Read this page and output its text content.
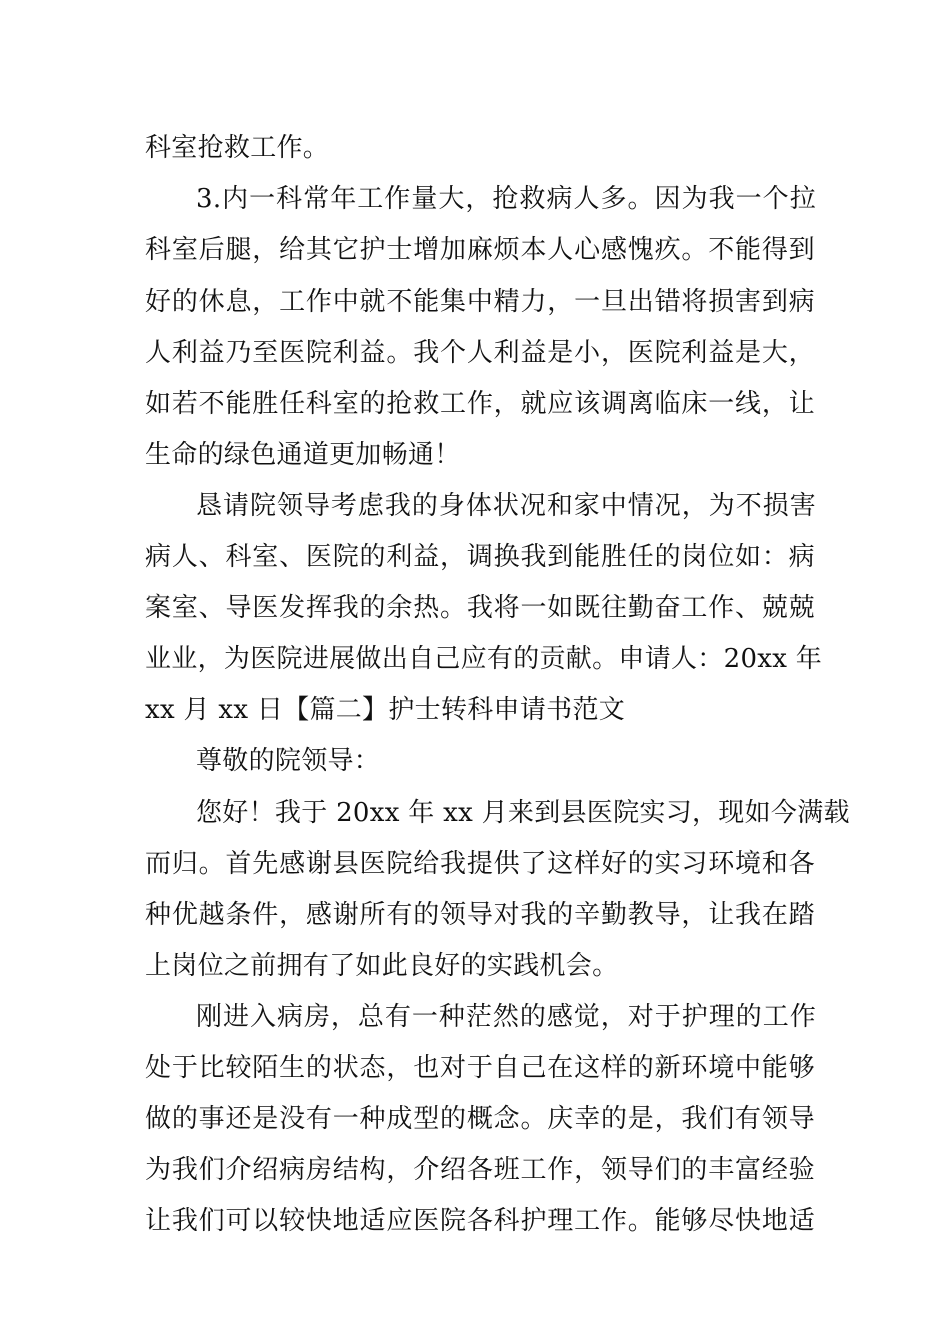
科室抢救工作。
3.内一科常年工作量大，抢救病人多。因为我一个拉
科室后腿，给其它护士增加麻烦本人心感愧疚。不能得到
好的休息，工作中就不能集中精力，一旦出错将损害到病
人利益乃至医院利益。我个人利益是小，医院利益是大，
如若不能胜任科室的抢救工作，就应该调离临床一线，让
生命的绿色通道更加畅通！
恳请院领导考虑我的身体状况和家中情况，为不损害
病人、科室、医院的利益，调换我到能胜任的岗位如：病
案室、导医发挥我的余热。我将一如既往勤奋工作、兢兢
业业，为医院进展做出自己应有的贡献。申请人：20xx 年
xx 月 xx 日【篇二】护士转科申请书范文
尊敬的院领导：
您好！我于 20xx 年 xx 月来到县医院实习，现如今满载
而归。首先感谢县医院给我提供了这样好的实习环境和各
种优越条件，感谢所有的领导对我的辛勤教导，让我在踏
上岗位之前拥有了如此良好的实践机会。
刚进入病房，总有一种茫然的感觉，对于护理的工作
处于比较陌生的状态，也对于自己在这样的新环境中能够
做的事还是没有一种成型的概念。庆幸的是，我们有领导
为我们介绍病房结构，介绍各班工作，领导们的丰富经验
让我们可以较快地适应医院各科护理工作。能够尽快地适
